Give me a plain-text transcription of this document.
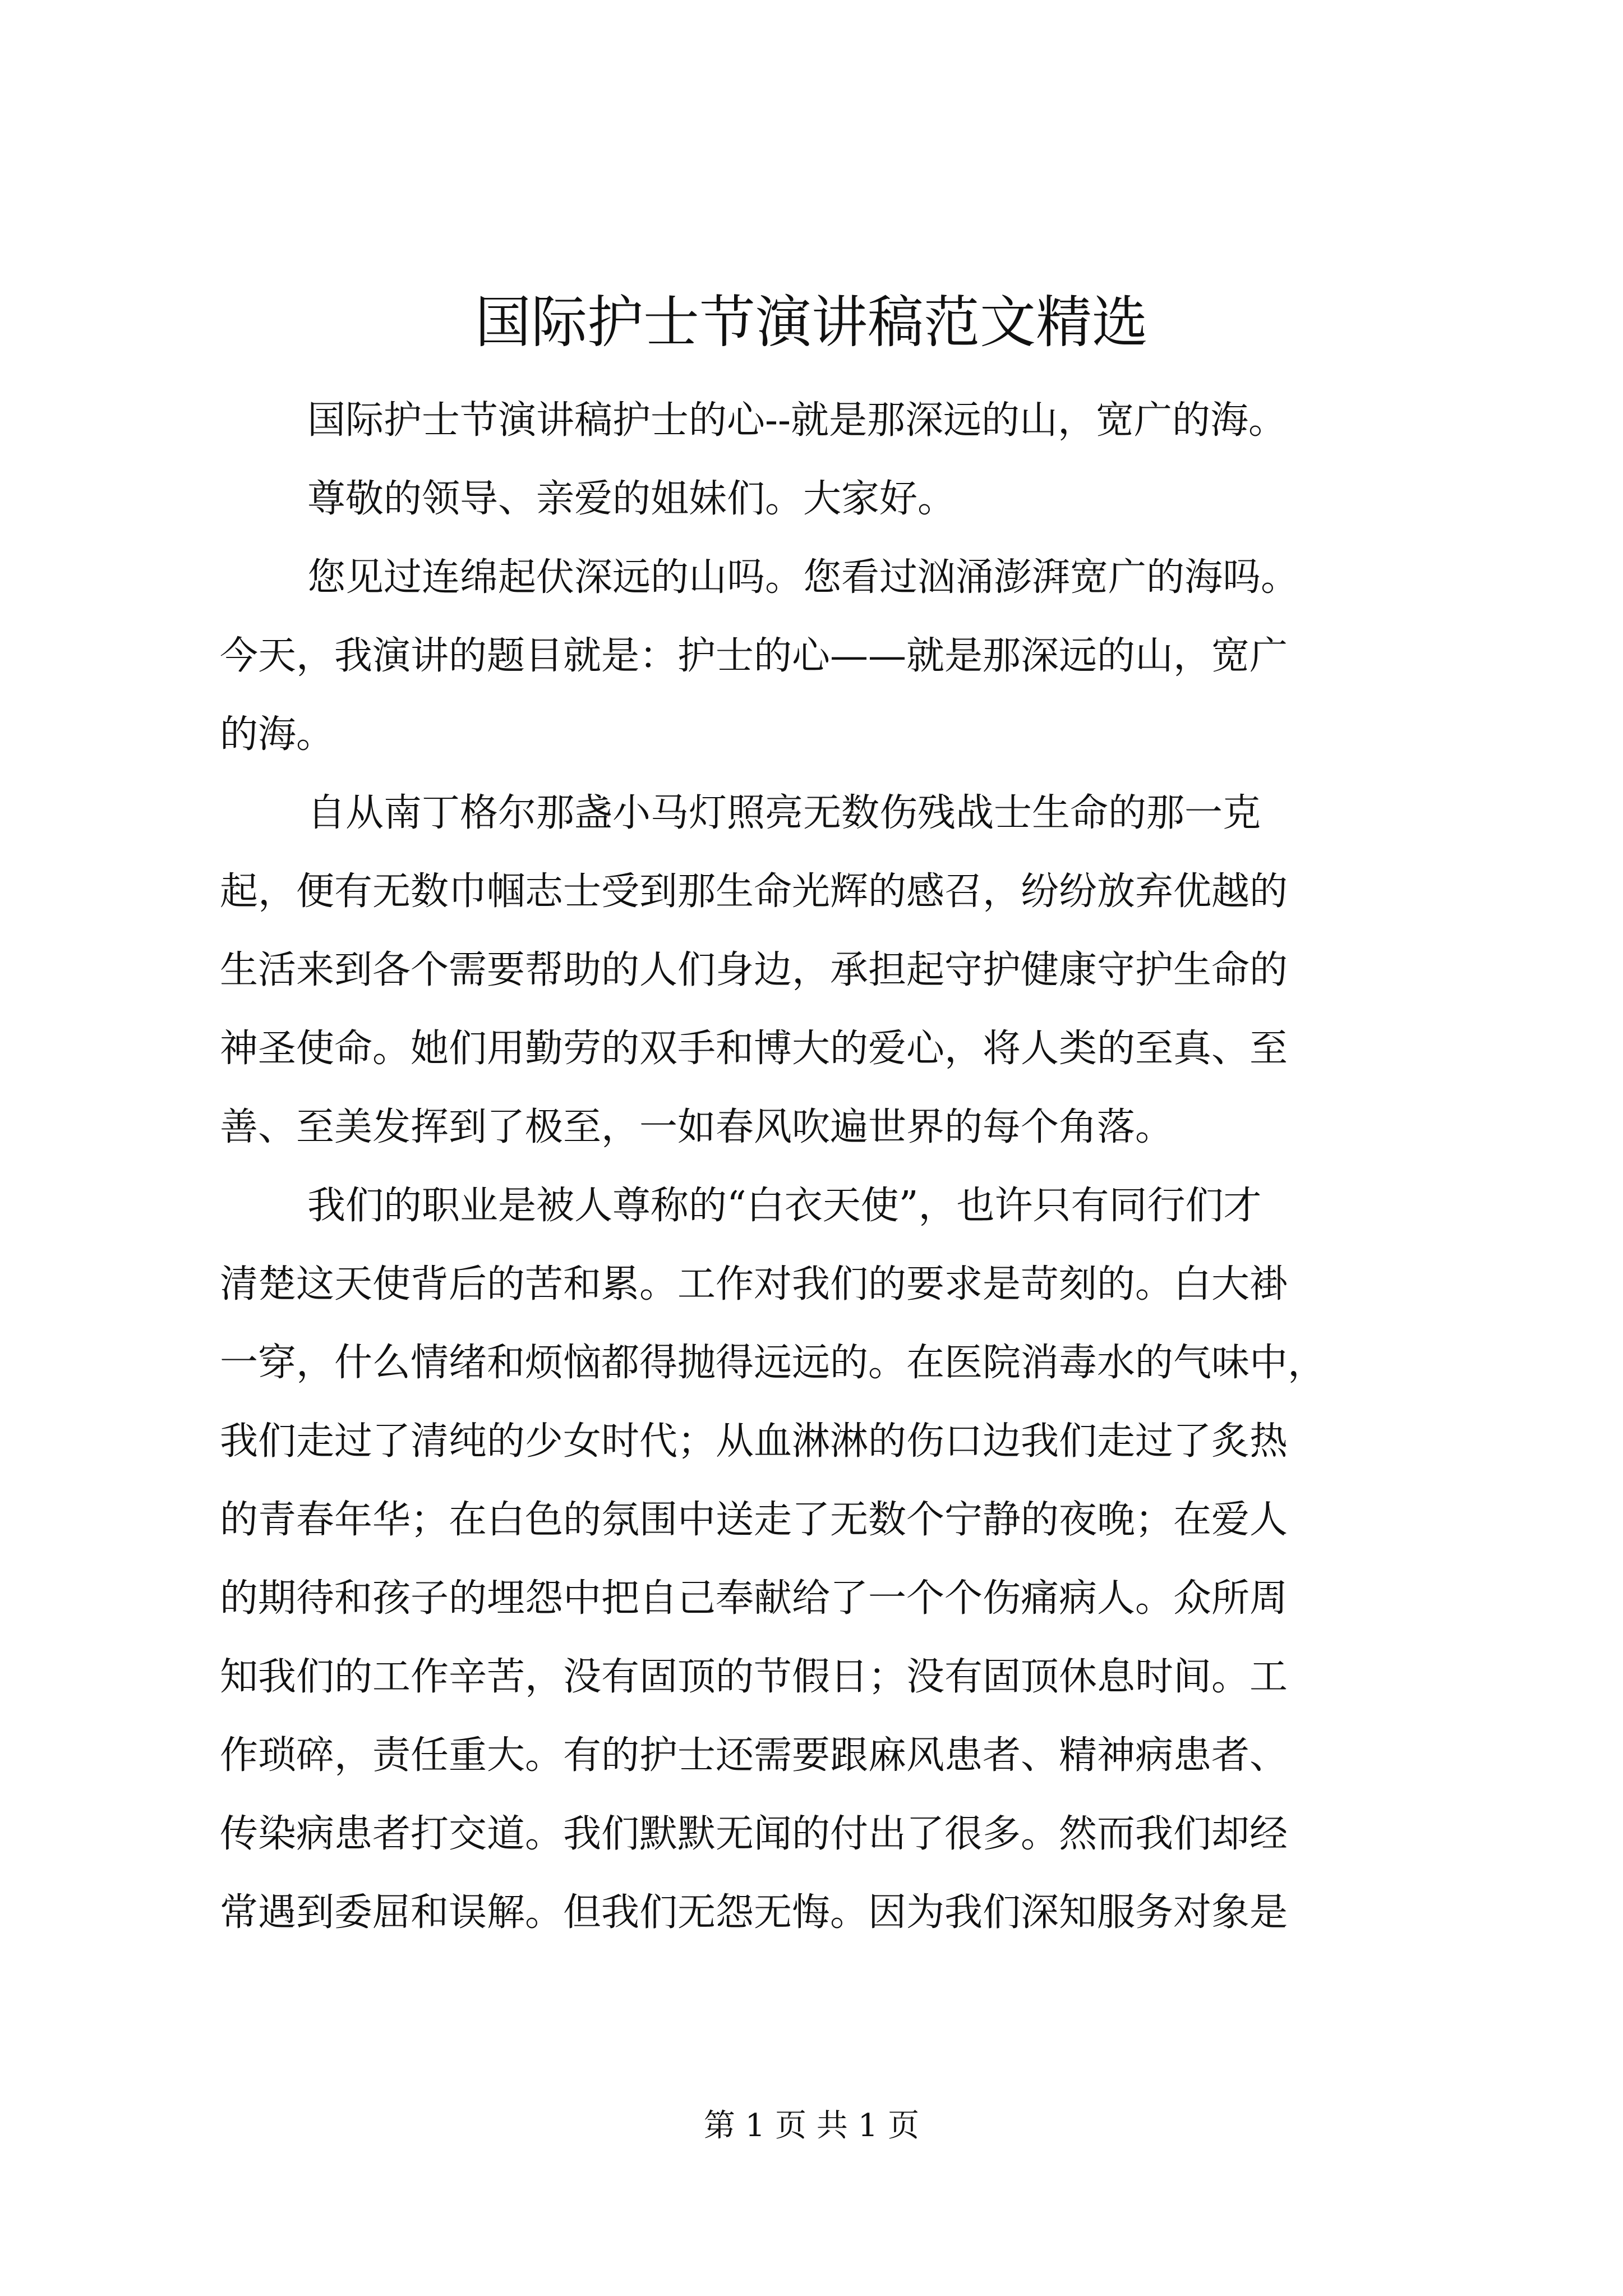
国际护士节演讲稿范文精选

国际护士节演讲稿护士的心--就是那深远的山，宽广的海。

尊敬的领导、亲爱的姐妹们。大家好。

您见过连绵起伏深远的山吗。您看过汹涌澎湃宽广的海吗。

今天，我演讲的题目就是：护士的心——就是那深远的山，宽广

的海。

自从南丁格尔那盏小马灯照亮无数伤残战士生命的那一克

起，便有无数巾帼志士受到那生命光辉的感召，纷纷放弃优越的

生活来到各个需要帮助的人们身边，承担起守护健康守护生命的

神圣使命。她们用勤劳的双手和博大的爱心，将人类的至真、至

善、至美发挥到了极至，一如春风吹遍世界的每个角落。

我们的职业是被人尊称的“白衣天使”，也许只有同行们才

清楚这天使背后的苦和累。工作对我们的要求是苛刻的。白大褂

一穿，什么情绪和烦恼都得抛得远远的。在医院消毒水的气味中，

我们走过了清纯的少女时代；从血淋淋的伤口边我们走过了炙热

的青春年华；在白色的氛围中送走了无数个宁静的夜晚；在爱人

的期待和孩子的埋怨中把自己奉献给了一个个伤痛病人。众所周

知我们的工作辛苦，没有固顶的节假日；没有固顶休息时间。工

作琐碎，责任重大。有的护士还需要跟麻风患者、精神病患者、

传染病患者打交道。我们默默无闻的付出了很多。然而我们却经

常遇到委屈和误解。但我们无怨无悔。因为我们深知服务对象是

第 1 页 共 1 页
